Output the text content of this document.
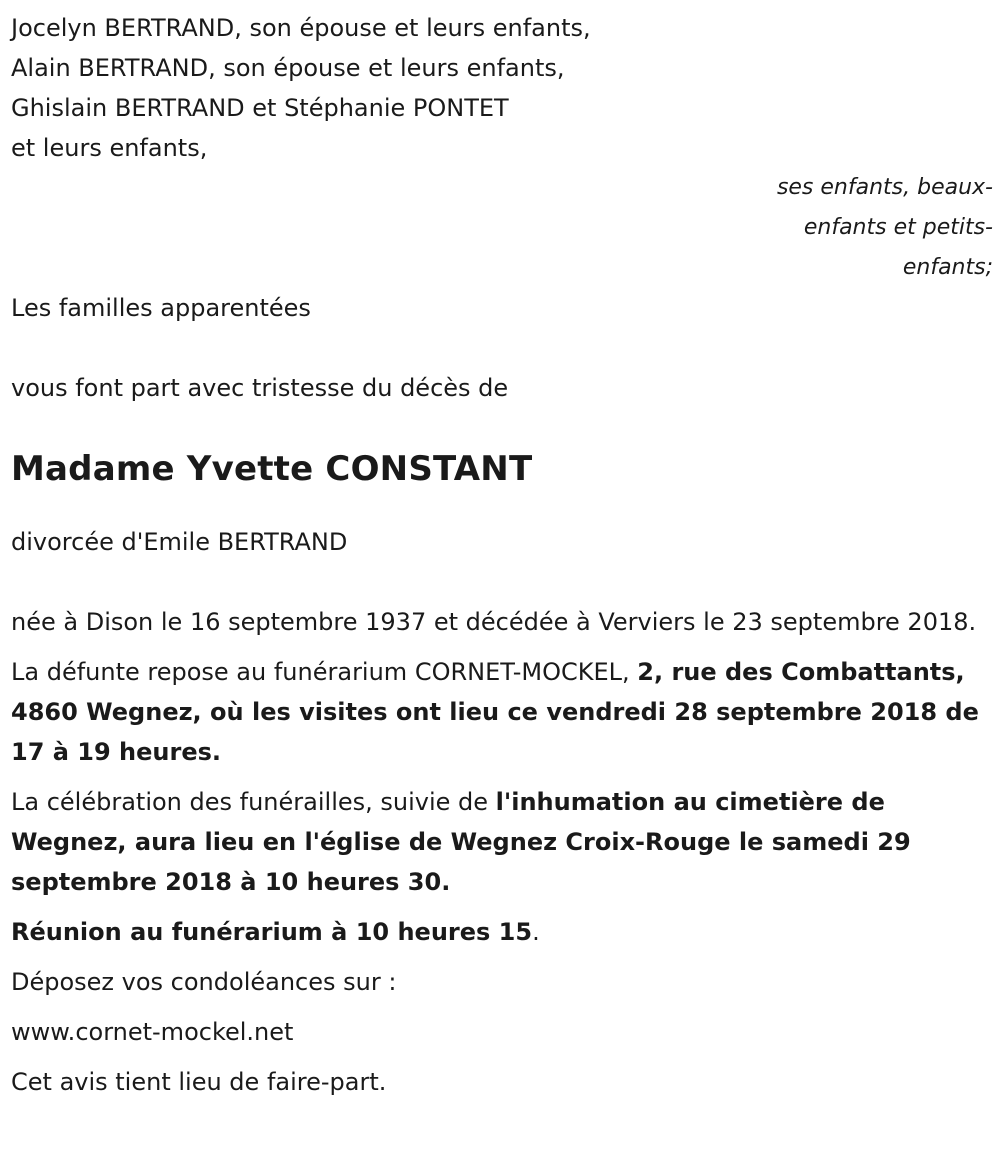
Jocelyn BERTRAND, son épouse et leurs enfants,

Alain BERTRAND, son épouse et leurs enfants,

Ghislain BERTRAND et Stéphanie PONTET

et leurs enfants,

ses enfants, beaux-

enfants et petits-

enfants;

Les familles apparentées

vous font part avec tristesse du décès de

Madame Yvette CONSTANT

divorcée d'Emile BERTRAND

née à Dison le 16 septembre 1937 et décédée à Verviers le 23 septembre 2018.

La défunte repose au funérarium CORNET-MOCKEL, 2, rue des Combattants, 4860 Wegnez, où les visites ont lieu ce vendredi 28 septembre 2018 de 17 à 19 heures.

La célébration des funérailles, suivie de l'inhumation au cimetière de Wegnez, aura lieu en l'église de Wegnez Croix-Rouge le samedi 29 septembre 2018 à 10 heures 30.

Réunion au funérarium à 10 heures 15.

Déposez vos condoléances sur :

www.cornet-mockel.net

Cet avis tient lieu de faire-part.
